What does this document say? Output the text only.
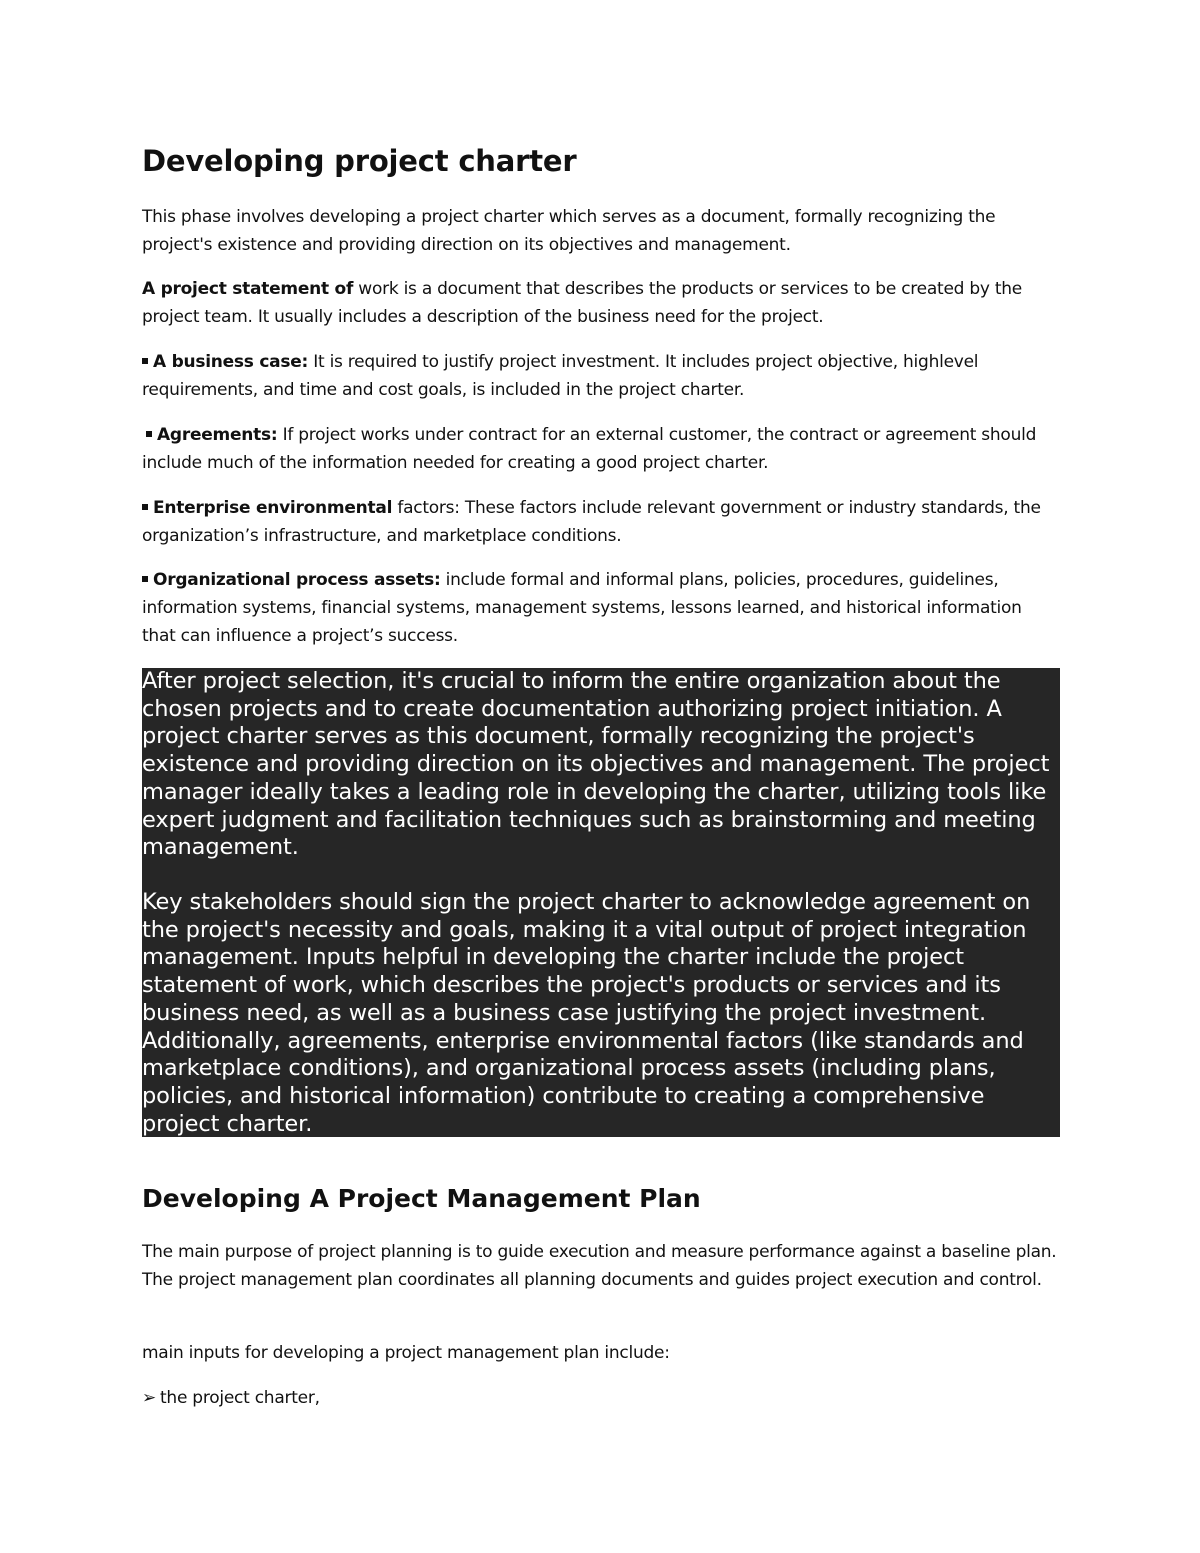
Developing project charter

This phase involves developing a project charter which serves as a document, formally recognizing the project's existence and providing direction on its objectives and management.

A project statement of work is a document that describes the products or services to be created by the project team. It usually includes a description of the business need for the project.

A business case: It is required to justify project investment. It includes project objective, highlevel requirements, and time and cost goals, is included in the project charter.

Agreements: If project works under contract for an external customer, the contract or agreement should include much of the information needed for creating a good project charter.

Enterprise environmental factors: These factors include relevant government or industry standards, the organization’s infrastructure, and marketplace conditions.

Organizational process assets: include formal and informal plans, policies, procedures, guidelines, information systems, financial systems, management systems, lessons learned, and historical information that can influence a project’s success.

Developing A Project Management Plan

The main purpose of project planning is to guide execution and measure performance against a baseline plan. The project management plan coordinates all planning documents and guides project execution and control.

main inputs for developing a project management plan include:

➢ the project charter,

After project selection, it's crucial to inform the entire organization about the chosen projects and to create documentation authorizing project initiation. A project charter serves as this document, formally recognizing the project's existence and providing direction on its objectives and management. The project manager ideally takes a leading role in developing the charter, utilizing tools like expert judgment and facilitation techniques such as brainstorming and meeting management.

Key stakeholders should sign the project charter to acknowledge agreement on the project's necessity and goals, making it a vital output of project integration management. Inputs helpful in developing the charter include the project statement of work, which describes the project's products or services and its business need, as well as a business case justifying the project investment. Additionally, agreements, enterprise environmental factors (like standards and marketplace conditions), and organizational process assets (including plans, policies, and historical information) contribute to creating a comprehensive project charter.
